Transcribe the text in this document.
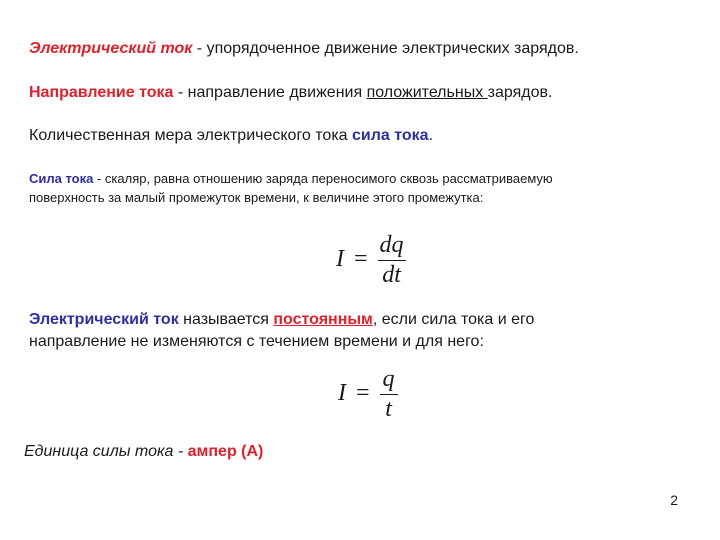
Электрический ток - упорядоченное движение электрических зарядов.
Направление тока - направление движения положительных зарядов.
Количественная мера электрического тока сила тока.
Сила тока - скаляр, равна отношению заряда переносимого сквозь рассматриваемую
поверхность за малый промежуток времени, к величине этого промежутка:
$I = \frac{dq}{dt}$
Электрический ток называется постоянным, если сила тока и его
направление не изменяются с течением времени и для него:
$I = \frac{q}{t}$
Единица силы тока - ампер (А)
2
